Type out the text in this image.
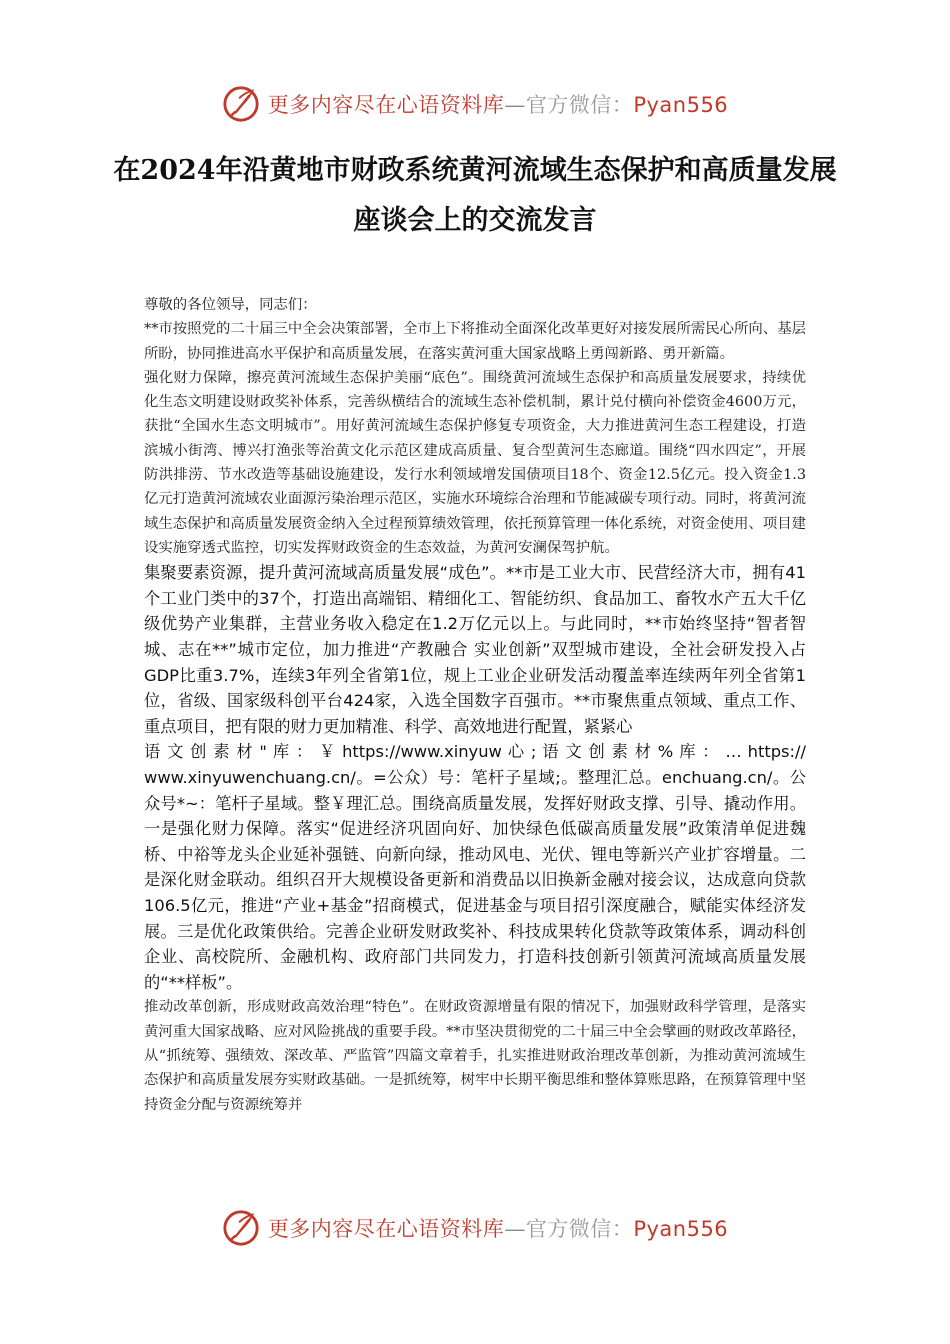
更多内容尽在心语资料库—官方微信：Pyan556
在2024年沿黄地市财政系统黄河流域生态保护和高质量发展座谈会上的交流发言

尊敬的各位领导，同志们：

**市按照党的二十届三中全会决策部署，全市上下将推动全面深化改革更好对接发展所需民心所向、基层所盼，协同推进高水平保护和高质量发展，在落实黄河重大国家战略上勇闯新路、勇开新篇。

强化财力保障，擦亮黄河流域生态保护美丽“底色”。围绕黄河流域生态保护和高质量发展要求，持续优化生态文明建设财政奖补体系，完善纵横结合的流域生态补偿机制，累计兑付横向补偿资金4600万元，获批“全国水生态文明城市”。用好黄河流域生态保护修复专项资金，大力推进黄河生态工程建设，打造滨城小街湾、博兴打渔张等治黄文化示范区建成高质量、复合型黄河生态廊道。围绕“四水四定”，开展防洪排涝、节水改造等基础设施建设，发行水利领域增发国债项目18个、资金12.5亿元。投入资金1.3亿元打造黄河流域农业面源污染治理示范区，实施水环境综合治理和节能减碳专项行动。同时，将黄河流域生态保护和高质量发展资金纳入全过程预算绩效管理，依托预算管理一体化系统，对资金使用、项目建设实施穿透式监控，切实发挥财政资金的生态效益，为黄河安澜保驾护航。

集聚要素资源，提升黄河流域高质量发展“成色”。**市是工业大市、民营经济大市，拥有41个工业门类中的37个，打造出高端铝、精细化工、智能纺织、食品加工、畜牧水产五大千亿级优势产业集群，主营业务收入稳定在1.2万亿元以上。与此同时，**市始终坚持“智者智城、志在**”城市定位，加力推进“产教融合 实业创新”双型城市建设，全社会研发投入占GDP比重3.7%，连续3年列全省第1位，规上工业企业研发活动覆盖率连续两年列全省第1位，省级、国家级科创平台424家，入选全国数字百强市。**市聚焦重点领域、重点工作、重点项目，把有限的财力更加精准、科学、高效地进行配置，紧紧心

语 文 创 素 材 " 库 ： ￥ https://www.xinyuw 心 ; 语 文 创 素 材 % 库 ： … https://

www.xinyuwenchuang.cn/。=公众）号：笔杆子星域;。整理汇总。enchuang.cn/。公众号*~：笔杆子星域。整￥理汇总。围绕高质量发展，发挥好财政支撑、引导、撬动作用。一是强化财力保障。落实“促进经济巩固向好、加快绿色低碳高质量发展”政策清单促进魏桥、中裕等龙头企业延补强链、向新向绿，推动风电、光伏、锂电等新兴产业扩容增量。二是深化财金联动。组织召开大规模设备更新和消费品以旧换新金融对接会议，达成意向贷款106.5亿元，推进“产业+基金”招商模式，促进基金与项目招引深度融合，赋能实体经济发展。三是优化政策供给。完善企业研发财政奖补、科技成果转化贷款等政策体系，调动科创企业、高校院所、金融机构、政府部门共同发力，打造科技创新引领黄河流域高质量发展的“**样板”。

推动改革创新，形成财政高效治理“特色”。在财政资源增量有限的情况下，加强财政科学管理，是落实黄河重大国家战略、应对风险挑战的重要手段。**市坚决贯彻党的二十届三中全会擘画的财政改革路径，从“抓统筹、强绩效、深改革、严监管”四篇文章着手，扎实推进财政治理改革创新，为推动黄河流域生态保护和高质量发展夯实财政基础。一是抓统筹，树牢中长期平衡思维和整体算账思路，在预算管理中坚持资金分配与资源统筹并

更多内容尽在心语资料库—官方微信：Pyan556
